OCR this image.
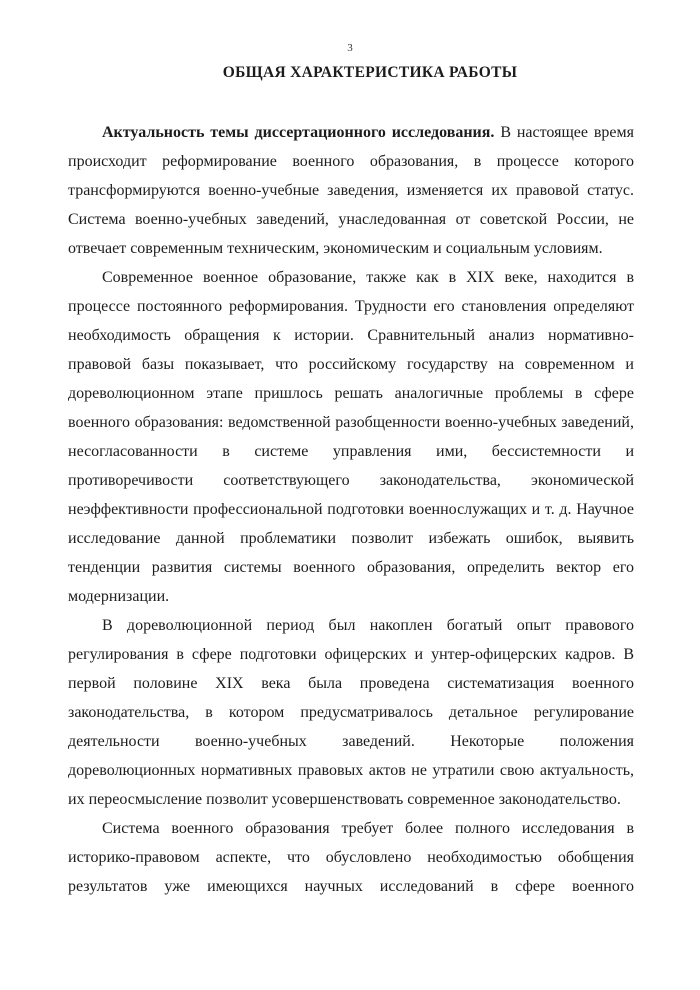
3
ОБЩАЯ ХАРАКТЕРИСТИКА РАБОТЫ

Актуальность темы диссертационного исследования. В настоящее время происходит реформирование военного образования, в процессе которого трансформируются военно-учебные заведения, изменяется их правовой статус. Система военно-учебных заведений, унаследованная от советской России, не отвечает современным техническим, экономическим и социальным условиям.

Современное военное образование, также как в XIX веке, находится в процессе постоянного реформирования. Трудности его становления определяют необходимость обращения к истории. Сравнительный анализ нормативно-правовой базы показывает, что российскому государству на современном и дореволюционном этапе пришлось решать аналогичные проблемы в сфере военного образования: ведомственной разобщенности военно-учебных заведений, несогласованности в системе управления ими, бессистемности и противоречивости соответствующего законодательства, экономической неэффективности профессиональной подготовки военнослужащих и т. д. Научное исследование данной проблематики позволит избежать ошибок, выявить тенденции развития системы военного образования, определить вектор его модернизации.

В дореволюционной период был накоплен богатый опыт правового регулирования в сфере подготовки офицерских и унтер-офицерских кадров. В первой половине XIX века была проведена систематизация военного законодательства, в котором предусматривалось детальное регулирование деятельности военно-учебных заведений. Некоторые положения дореволюционных нормативных правовых актов не утратили свою актуальность, их переосмысление позволит усовершенствовать современное законодательство.

Система военного образования требует более полного исследования в историко-правовом аспекте, что обусловлено необходимостью обобщения результатов уже имеющихся научных исследований в сфере военного
